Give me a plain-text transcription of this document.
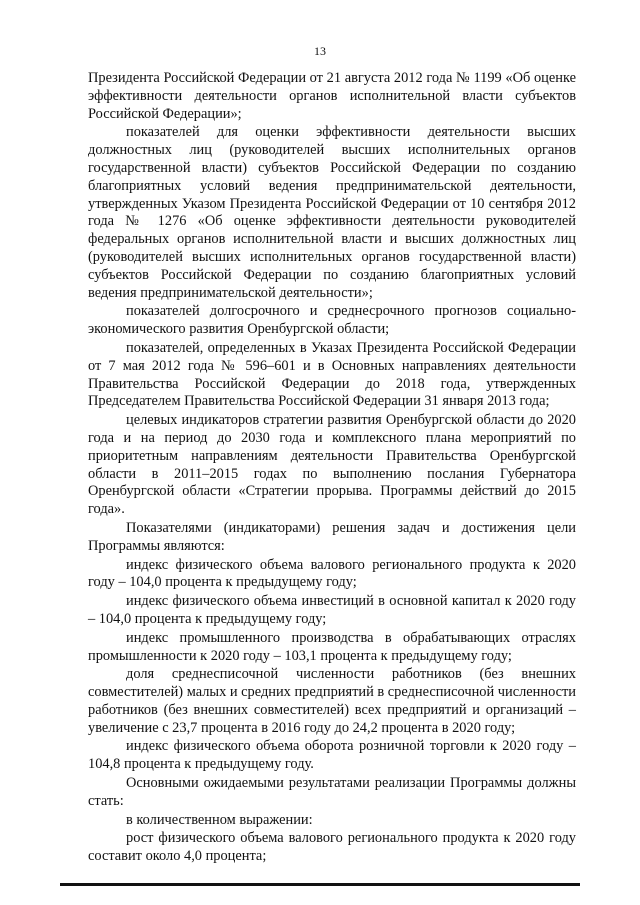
13

Президента Российской Федерации от 21 августа 2012 года № 1199 «Об оценке эффективности деятельности органов исполнительной власти субъектов Российской Федерации»;

показателей для оценки эффективности деятельности высших должностных лиц (руководителей высших исполнительных органов государственной власти) субъектов Российской Федерации по созданию благоприятных условий ведения предпринимательской деятельности, утвержденных Указом Президента Российской Федерации от 10 сентября 2012 года № 1276 «Об оценке эффективности деятельности руководителей федеральных органов исполнительной власти и высших должностных лиц (руководителей высших исполнительных органов государственной власти) субъектов Российской Федерации по созданию благоприятных условий ведения предпринимательской деятельности»;

показателей долгосрочного и среднесрочного прогнозов социально-экономического развития Оренбургской области;

показателей, определенных в Указах Президента Российской Федерации от 7 мая 2012 года № 596–601 и в Основных направлениях деятельности Правительства Российской Федерации до 2018 года, утвержденных Председателем Правительства Российской Федерации 31 января 2013 года;

целевых индикаторов стратегии развития Оренбургской области до 2020 года и на период до 2030 года и комплексного плана мероприятий по приоритетным направлениям деятельности Правительства Оренбургской области в 2011–2015 годах по выполнению послания Губернатора Оренбургской области «Стратегии прорыва. Программы действий до 2015 года».

Показателями (индикаторами) решения задач и достижения цели Программы являются:

индекс физического объема валового регионального продукта к 2020 году – 104,0 процента к предыдущему году;

индекс физического объема инвестиций в основной капитал к 2020 году – 104,0 процента к предыдущему году;

индекс промышленного производства в обрабатывающих отраслях промышленности к 2020 году – 103,1 процента к предыдущему году;

доля среднесписочной численности работников (без внешних совместителей) малых и средних предприятий в среднесписочной численности работников (без внешних совместителей) всех предприятий и организаций – увеличение с 23,7 процента в 2016 году до 24,2 процента в 2020 году;

индекс физического объема оборота розничной торговли к 2020 году – 104,8 процента к предыдущему году.

Основными ожидаемыми результатами реализации Программы должны стать:

в количественном выражении:

рост физического объема валового регионального продукта к 2020 году составит около 4,0 процента;
